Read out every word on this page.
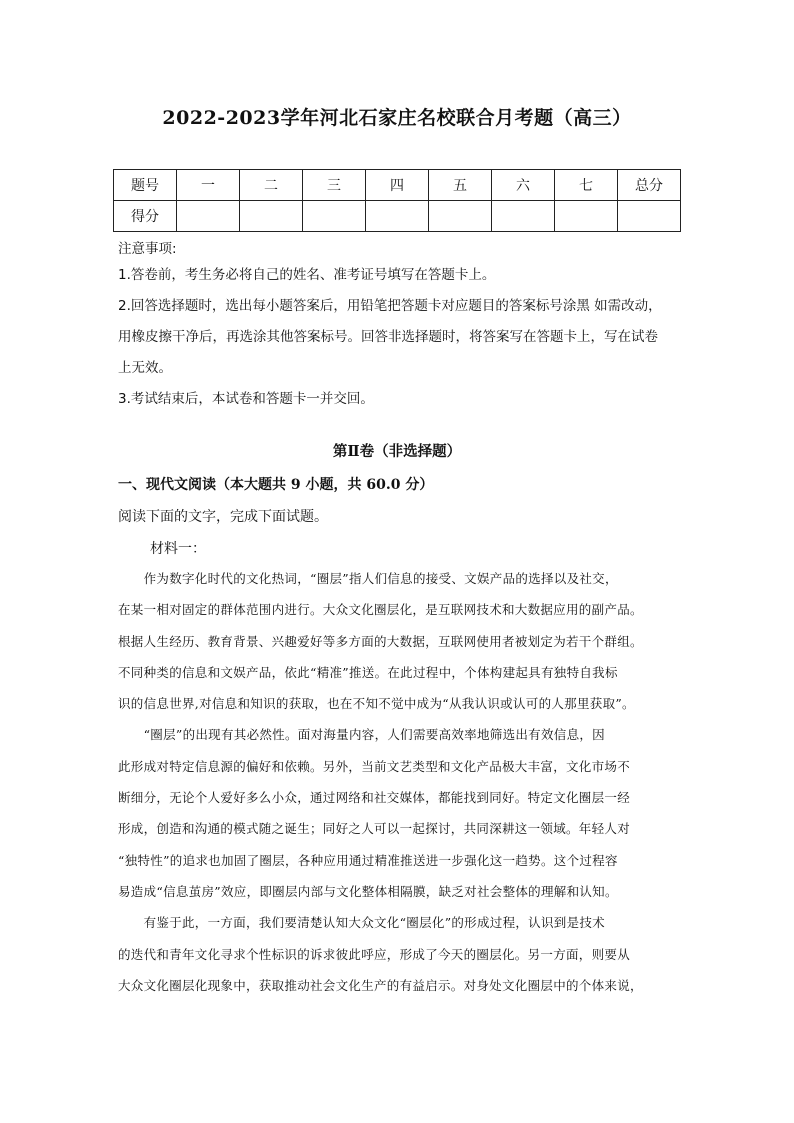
2022-2023学年河北石家庄名校联合月考题（高三）
题号	一	二	三	四	五	六	七	总分
得分								
注意事项:
1.答卷前，考生务必将自己的姓名、准考证号填写在答题卡上。
2.回答选择题时，选出每小题答案后，用铅笔把答题卡对应题目的答案标号涂黑 如需改动，
用橡皮擦干净后，再选涂其他答案标号。回答非选择题时，将答案写在答题卡上，写在试卷
上无效。
3.考试结束后，本试卷和答题卡一并交回。
第Ⅱ卷（非选择题）
一、现代文阅读（本大题共 9 小题，共 60.0 分）
阅读下面的文字，完成下面试题。
材料一：
　　作为数字化时代的文化热词，“圈层”指人们信息的接受、文娱产品的选择以及社交，
在某一相对固定的群体范围内进行。大众文化圈层化，是互联网技术和大数据应用的副产品。
根据人生经历、教育背景、兴趣爱好等多方面的大数据，互联网使用者被划定为若干个群组。
不同种类的信息和文娱产品，依此“精准”推送。在此过程中，个体构建起具有独特自我标
识的信息世界,对信息和知识的获取，也在不知不觉中成为“从我认识或认可的人那里获取”。
　　“圈层”的出现有其必然性。面对海量内容，人们需要高效率地筛选出有效信息，因
此形成对特定信息源的偏好和依赖。另外，当前文艺类型和文化产品极大丰富，文化市场不
断细分，无论个人爱好多么小众，通过网络和社交媒体，都能找到同好。特定文化圈层一经
形成，创造和沟通的模式随之诞生；同好之人可以一起探讨，共同深耕这一领域。年轻人对
“独特性”的追求也加固了圈层，各种应用通过精准推送进一步强化这一趋势。这个过程容
易造成“信息茧房”效应，即圈层内部与文化整体相隔膜，缺乏对社会整体的理解和认知。
　　有鉴于此，一方面，我们要清楚认知大众文化“圈层化”的形成过程，认识到是技术
的迭代和青年文化寻求个性标识的诉求彼此呼应，形成了今天的圈层化。另一方面，则要从
大众文化圈层化现象中，获取推动社会文化生产的有益启示。对身处文化圈层中的个体来说，
